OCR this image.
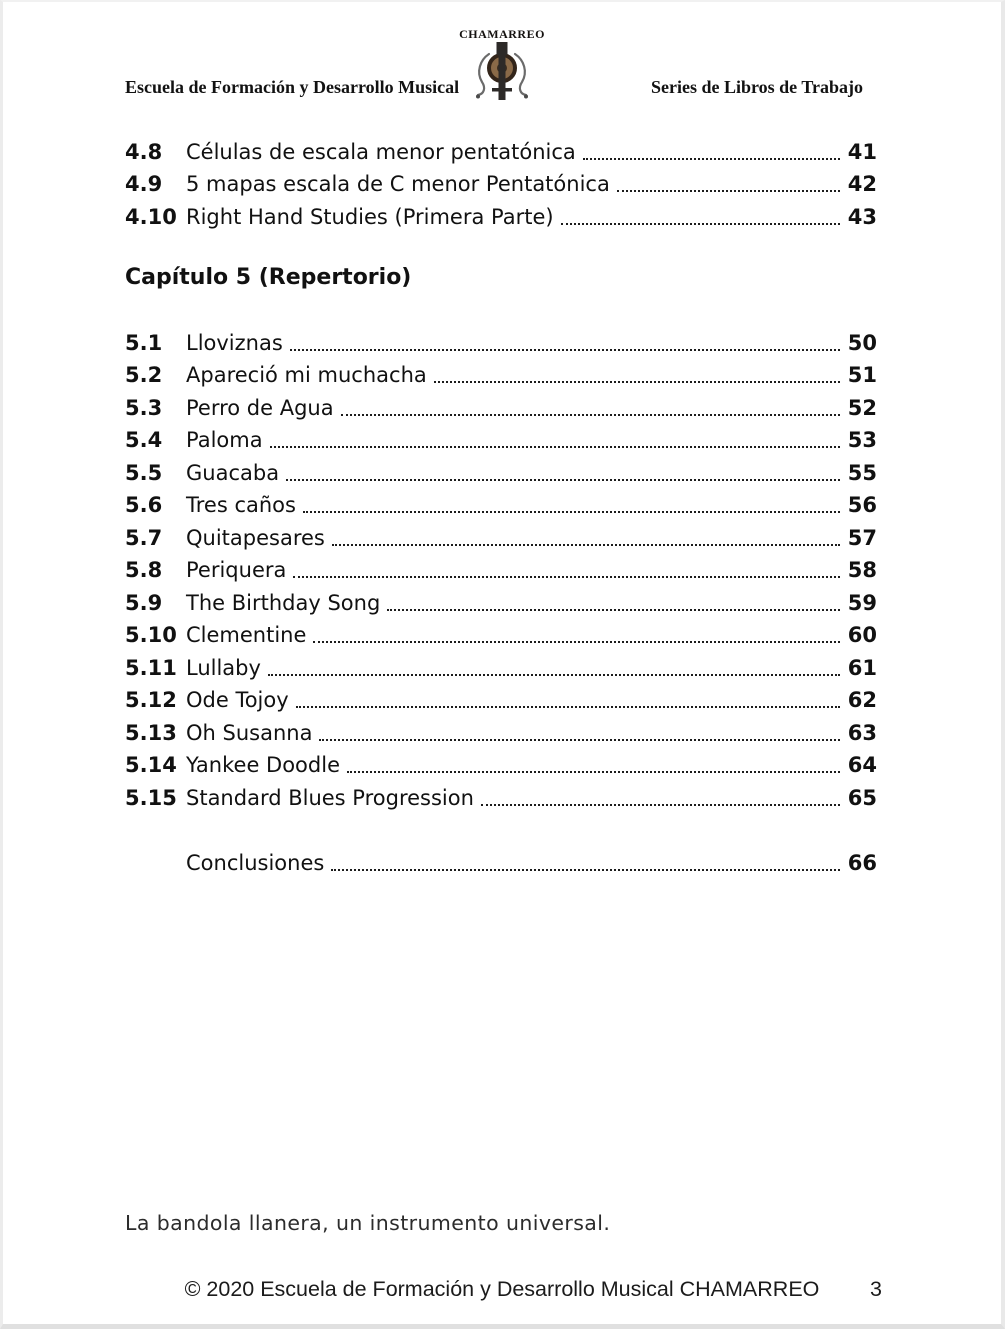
Escuela de Formación y Desarrollo Musical
CHAMARREO
Series de Libros de Trabajo
4.8	Células de escala menor pentatónica	41
4.9	5 mapas escala de C menor Pentatónica	42
4.10 Right Hand Studies (Primera Parte)	43
Capítulo 5 (Repertorio)
5.1	Lloviznas	50
5.2	Apareció mi muchacha	51
5.3	Perro de Agua	52
5.4	Paloma	53
5.5	Guacaba	55
5.6	Tres caños	56
5.7	Quitapesares	57
5.8	Periquera	58
5.9	The Birthday Song	59
5.10 Clementine	60
5.11 Lullaby	61
5.12 Ode Tojoy	62
5.13 Oh Susanna	63
5.14 Yankee Doodle	64
5.15 Standard Blues Progression	65
Conclusiones	66
La bandola llanera, un instrumento universal.
© 2020 Escuela de Formación y Desarrollo Musical CHAMARREO	3
